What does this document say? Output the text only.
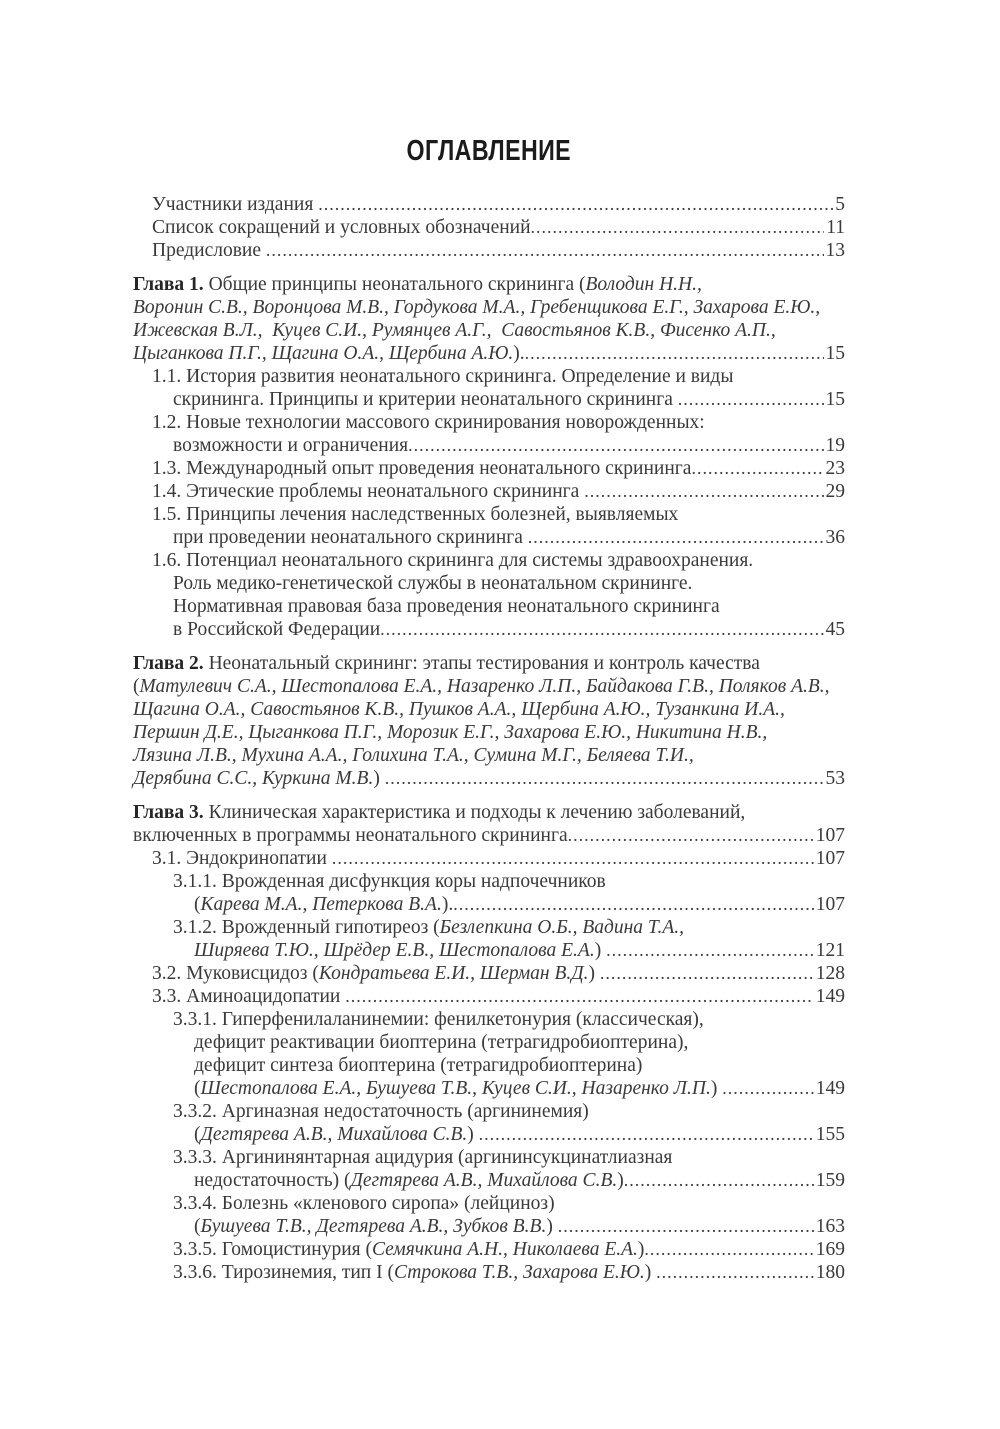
ОГЛАВЛЕНИЕ
Участники издания .....	5
Список сокращений и условных обозначений .....	11
Предисловие .....	13
Глава 1. Общие принципы неонатального скрининга ( Володин Н.Н.,
Воронин С.В., Воронцова М.В., Гордукова М.А., Гребенщикова Е.Г., Захарова Е.Ю.,
Ижевская В.Л.,  Куцев С.И., Румянцев А.Г.,  Савостьянов К.В., Фисенко А.П.,
Цыганкова П.Г., Щагина О.А., Щербина А.Ю. ). .....	15
1.1. История развития неонатального скрининга. Определение и виды
скрининга. Принципы и критерии неонатального скрининга .....	15
1.2. Новые технологии массового скринирования новорожденных:
возможности и ограничения .....	19
1.3. Международный опыт проведения неонатального скрининга .....	23
1.4. Этические проблемы неонатального скрининга .....	29
1.5. Принципы лечения наследственных болезней, выявляемых
при проведении неонатального скрининга .....	36
1.6. Потенциал неонатального скрининга для системы здравоохранения.
Роль медико-генетической службы в неонатальном скрининге.
Нормативная правовая база проведения неонатального скрининга
в Российской Федерации .....	45
Глава 2. Неонатальный скрининг: этапы тестирования и контроль качества
( Матулевич С.А., Шестопалова Е.А., Назаренко Л.П., Байдакова Г.В., Поляков А.В.,
Щагина О.А., Савостьянов К.В., Пушков А.А., Щербина А.Ю., Тузанкина И.А.,
Першин Д.Е., Цыганкова П.Г., Морозик Е.Г., Захарова Е.Ю., Никитина Н.В.,
Лязина Л.В., Мухина А.А., Голихина Т.А., Сумина М.Г., Беляева Т.И.,
Дерябина С.С., Куркина М.В. ) .....	53
Глава 3. Клиническая характеристика и подходы к лечению заболеваний,
включенных в программы неонатального скрининга .....	107
3.1. Эндокринопатии .....	107
3.1.1. Врожденная дисфункция коры надпочечников
( Карева М.А., Петеркова В.А. ). .....	107
3.1.2. Врожденный гипотиреоз ( Безлепкина О.Б., Вадина Т.А.,
Ширяева Т.Ю., Шрёдер Е.В., Шестопалова Е.А. ) .....	121
3.2. Муковисцидоз ( Кондратьева Е.И., Шерман В.Д. ) .....	128
3.3. Аминоацидопатии .....	149
3.3.1. Гиперфенилаланинемии: фенилкетонурия (классическая),
дефицит реактивации биоптерина (тетрагидробиоптерина),
дефицит синтеза биоптерина (тетрагидробиоптерина)
( Шестопалова Е.А., Бушуева Т.В., Куцев С.И., Назаренко Л.П. ) .....	149
3.3.2. Аргиназная недостаточность (аргининемия)
( Дегтярева А.В., Михайлова С.В. ) .....	155
3.3.3. Аргининянтарная ацидурия (аргининсукцинатлиазная
недостаточность) ( Дегтярева А.В., Михайлова С.В. ) .....	159
3.3.4. Болезнь «кленового сиропа» (лейциноз)
( Бушуева Т.В., Дегтярева А.В., Зубков В.В. ) .....	163
3.3.5. Гомоцистинурия ( Семячкина А.Н., Николаева Е.А. ) .....	169
3.3.6. Тирозинемия, тип I ( Строкова Т.В., Захарова Е.Ю. ) .....	180
